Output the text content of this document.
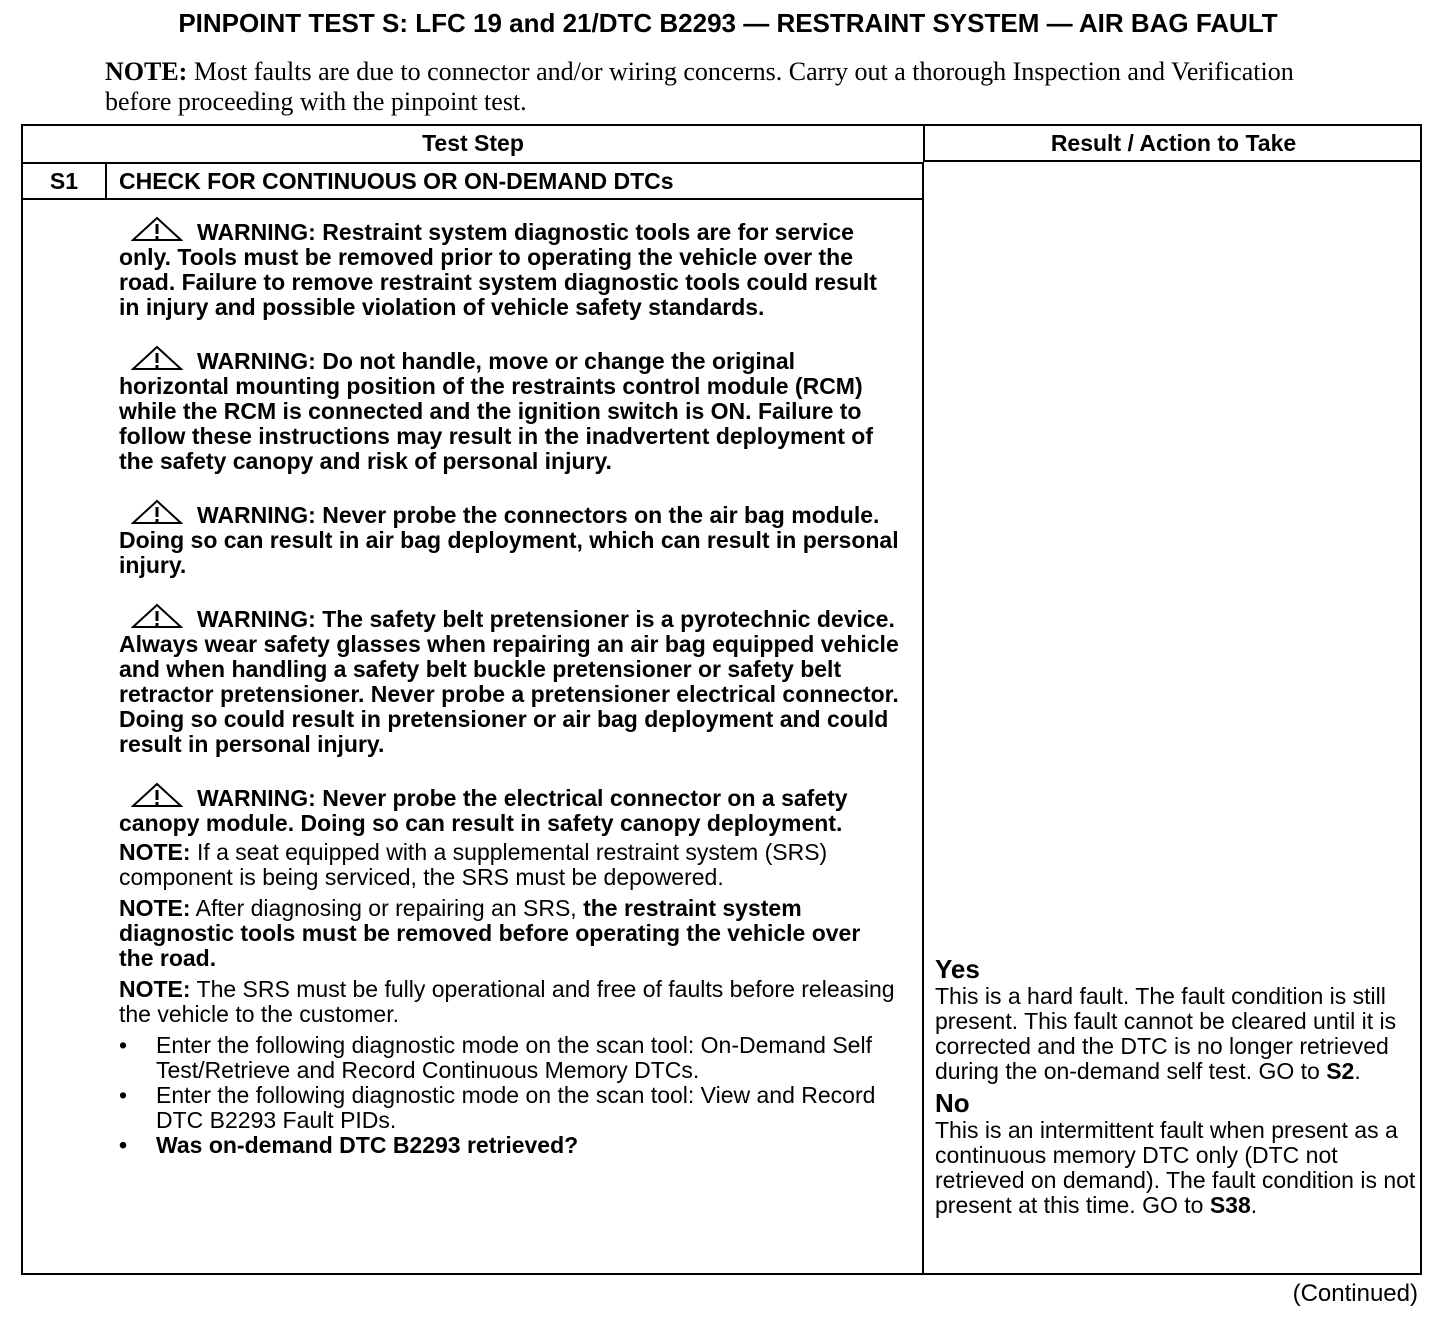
PINPOINT TEST S: LFC 19 and 21/DTC B2293 — RESTRAINT SYSTEM — AIR BAG FAULT
NOTE: Most faults are due to connector and/or wiring concerns. Carry out a thorough Inspection and Verification before proceeding with the pinpoint test.
Test Step	Result / Action to Take
S1	CHECK FOR CONTINUOUS OR ON-DEMAND DTCs
WARNING: Restraint system diagnostic tools are for service only. Tools must be removed prior to operating the vehicle over the road. Failure to remove restraint system diagnostic tools could result in injury and possible violation of vehicle safety standards.
WARNING: Do not handle, move or change the original horizontal mounting position of the restraints control module (RCM) while the RCM is connected and the ignition switch is ON. Failure to follow these instructions may result in the inadvertent deployment of the safety canopy and risk of personal injury.
WARNING: Never probe the connectors on the air bag module. Doing so can result in air bag deployment, which can result in personal injury.
WARNING: The safety belt pretensioner is a pyrotechnic device. Always wear safety glasses when repairing an air bag equipped vehicle and when handling a safety belt buckle pretensioner or safety belt retractor pretensioner. Never probe a pretensioner electrical connector. Doing so could result in pretensioner or air bag deployment and could result in personal injury.
WARNING: Never probe the electrical connector on a safety canopy module. Doing so can result in safety canopy deployment.
NOTE: If a seat equipped with a supplemental restraint system (SRS) component is being serviced, the SRS must be depowered.
NOTE: After diagnosing or repairing an SRS, the restraint system diagnostic tools must be removed before operating the vehicle over the road.
NOTE: The SRS must be fully operational and free of faults before releasing the vehicle to the customer.
• Enter the following diagnostic mode on the scan tool: On-Demand Self Test/Retrieve and Record Continuous Memory DTCs.
• Enter the following diagnostic mode on the scan tool: View and Record DTC B2293 Fault PIDs.
• Was on-demand DTC B2293 retrieved?
Yes
This is a hard fault. The fault condition is still present. This fault cannot be cleared until it is corrected and the DTC is no longer retrieved during the on-demand self test. GO to S2.
No
This is an intermittent fault when present as a continuous memory DTC only (DTC not retrieved on demand). The fault condition is not present at this time. GO to S38.
(Continued)
